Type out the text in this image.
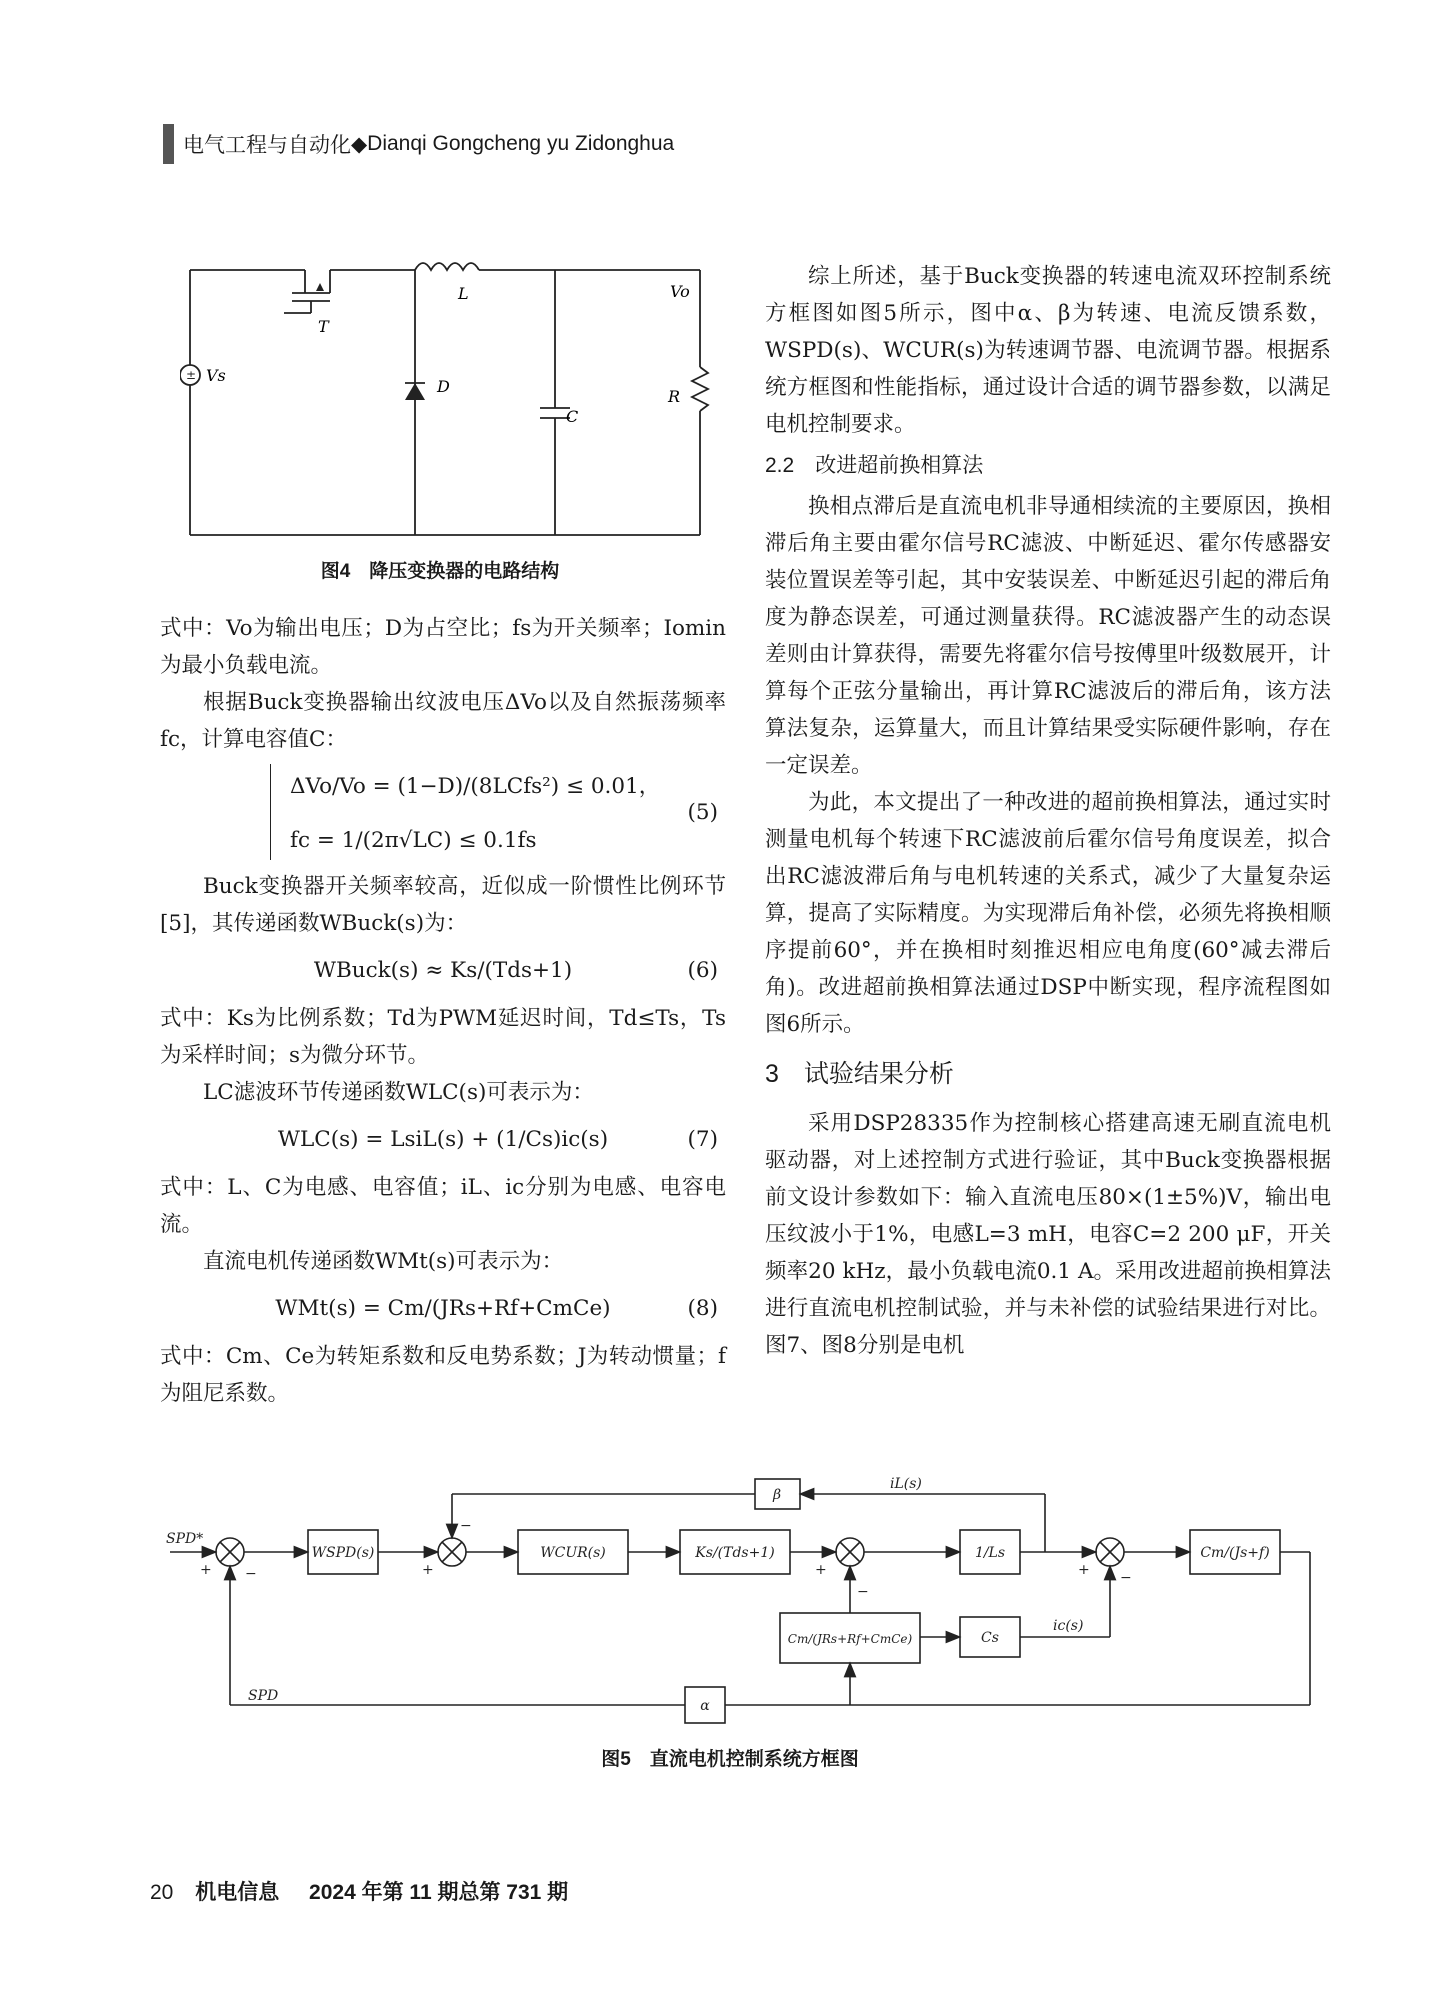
电气工程与自动化 ◆ Dianqi Gongcheng yu Zidonghua
± Vs
T
L
D
C
R
Vo
图4　降压变换器的电路结构

式中：Vo为输出电压；D为占空比；fs为开关频率；Iomin为最小负载电流。

根据Buck变换器输出纹波电压ΔVo以及自然振荡频率fc，计算电容值C：

ΔVo/Vo = (1−D)/(8LCfs²) ≤ 0.01，
fc = 1/(2π√LC) ≤ 0.1fs
(5)

Buck变换器开关频率较高，近似成一阶惯性比例环节[5]，其传递函数WBuck(s)为：

WBuck(s) ≈ Ks/(Tds+1)	(6)

式中：Ks为比例系数；Td为PWM延迟时间，Td≤Ts，Ts为采样时间；s为微分环节。

LC滤波环节传递函数WLC(s)可表示为：

WLC(s) = LsiL(s) + (1/Cs)ic(s)	(7)

式中：L、C为电感、电容值；iL、ic分别为电感、电容电流。

直流电机传递函数WMt(s)可表示为：

WMt(s) = Cm/(JRs+Rf+CmCe)	(8)

式中：Cm、Ce为转矩系数和反电势系数；J为转动惯量；f为阻尼系数。

综上所述，基于Buck变换器的转速电流双环控制系统方框图如图5所示，图中α、β为转速、电流反馈系数，WSPD(s)、WCUR(s)为转速调节器、电流调节器。根据系统方框图和性能指标，通过设计合适的调节器参数，以满足电机控制要求。

2.2　改进超前换相算法

换相点滞后是直流电机非导通相续流的主要原因，换相滞后角主要由霍尔信号RC滤波、中断延迟、霍尔传感器安装位置误差等引起，其中安装误差、中断延迟引起的滞后角度为静态误差，可通过测量获得。RC滤波器产生的动态误差则由计算获得，需要先将霍尔信号按傅里叶级数展开，计算每个正弦分量输出，再计算RC滤波后的滞后角，该方法算法复杂，运算量大，而且计算结果受实际硬件影响，存在一定误差。

为此，本文提出了一种改进的超前换相算法，通过实时测量电机每个转速下RC滤波前后霍尔信号角度误差，拟合出RC滤波滞后角与电机转速的关系式，减少了大量复杂运算，提高了实际精度。为实现滞后角补偿，必须先将换相顺序提前60°，并在换相时刻推迟相应电角度(60°减去滞后角)。改进超前换相算法通过DSP中断实现，程序流程图如图6所示。

3　试验结果分析

采用DSP28335作为控制核心搭建高速无刷直流电机驱动器，对上述控制方式进行验证，其中Buck变换器根据前文设计参数如下：输入直流电压80×(1±5%)V，输出电压纹波小于1%，电感L=3 mH，电容C=2 200 μF，开关频率20 kHz，最小负载电流0.1 A。采用改进超前换相算法进行直流电机控制试验，并与未补偿的试验结果进行对比。图7、图8分别是电机

WSPD(s)	WCUR(s)	Ks/(Tds+1)	1/Ls	Cm/(Js+f)
Cm/(JRs+Rf+CmCe)	Cs
β
α
SPD*
SPD
iL(s)
ic(s)
+ −
−
+	+
−
+ −
图5　直流电机控制系统方框图
20 机电信息 2024 年第 11 期总第 731 期
